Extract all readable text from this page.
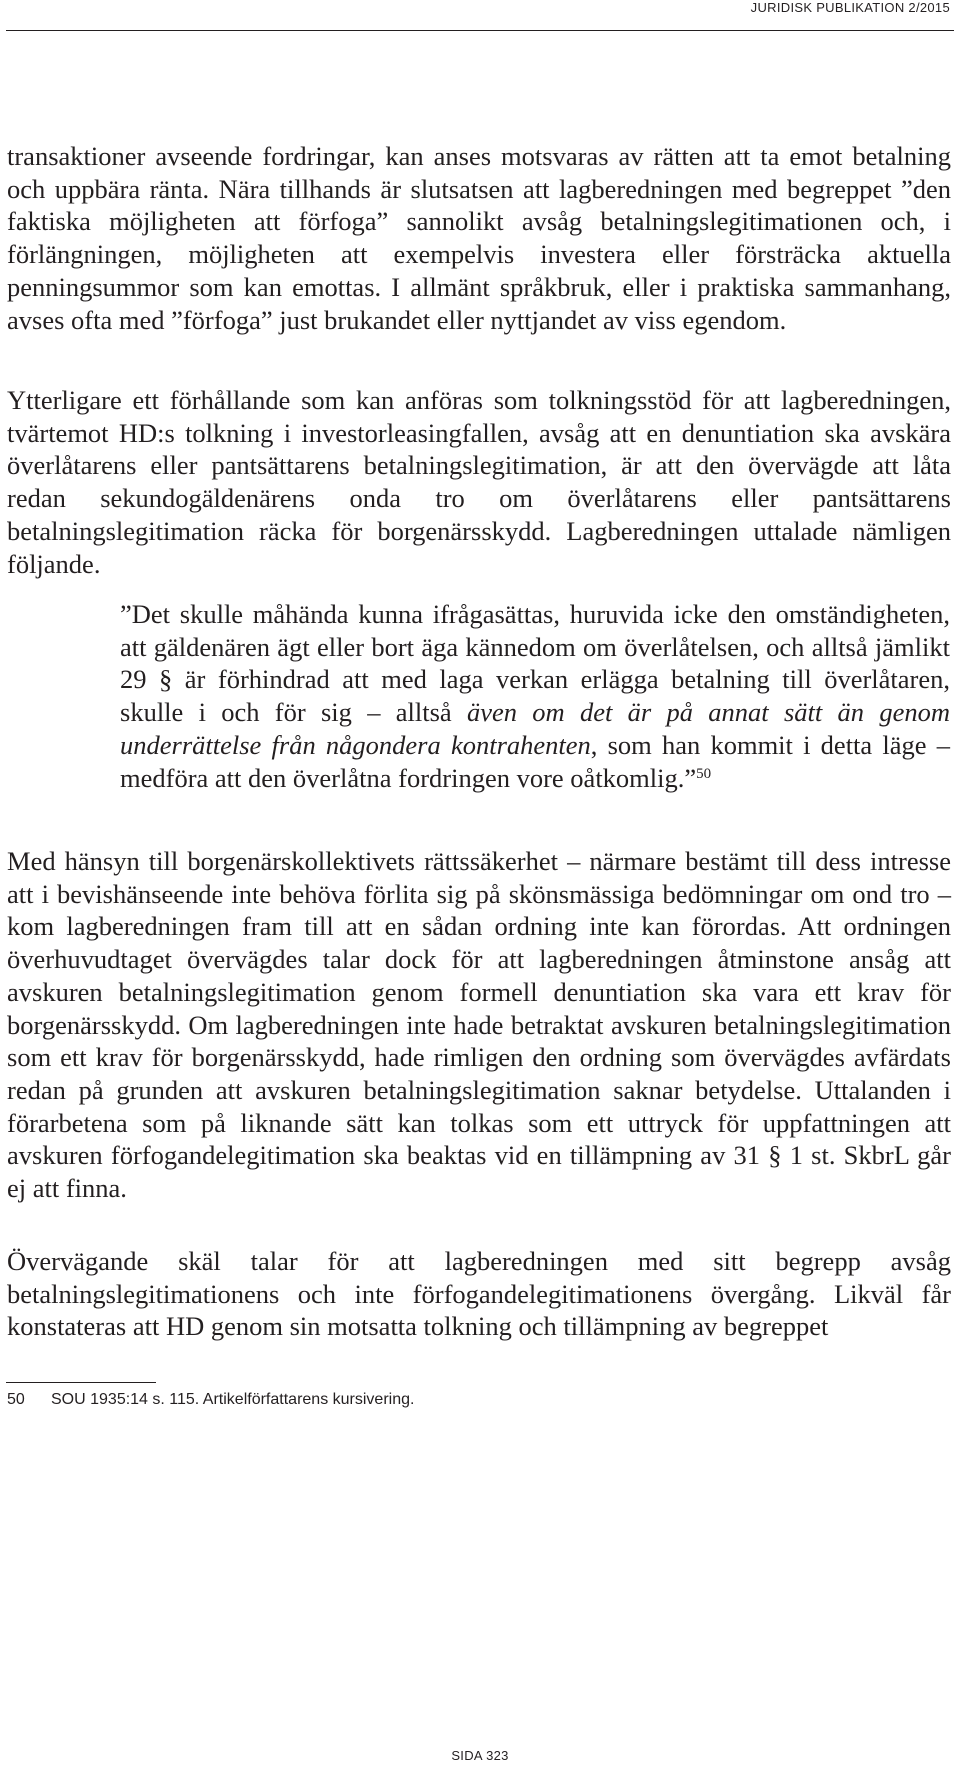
JURIDISK PUBLIKATION 2/2015

transaktioner avseende fordringar, kan anses motsvaras av rätten att ta emot betalning och uppbära ränta. Nära tillhands är slutsatsen att lagberedningen med begreppet ”den faktiska möjligheten att förfoga” sannolikt avsåg betalningslegitimationen och, i förlängningen, möjligheten att exempelvis investera eller försträcka aktuella penningsummor som kan emottas. I allmänt språkbruk, eller i praktiska sammanhang, avses ofta med ”förfoga” just brukandet eller nyttjandet av viss egendom.

Ytterligare ett förhållande som kan anföras som tolkningsstöd för att lagberedningen, tvärtemot HD:s tolkning i investorleasingfallen, avsåg att en denuntiation ska avskära överlåtarens eller pantsättarens betalningslegitimation, är att den övervägde att låta redan sekundogäldenärens onda tro om överlåtarens eller pantsättarens betalningslegitimation räcka för borgenärsskydd. Lagberedningen uttalade nämligen följande.

”Det skulle måhända kunna ifrågasättas, huruvida icke den omständigheten, att gäldenären ägt eller bort äga kännedom om överlåtelsen, och alltså jämlikt 29 § är förhindrad att med laga verkan erlägga betalning till överlåtaren, skulle i och för sig – alltså även om det är på annat sätt än genom underrättelse från någondera kontrahenten, som han kommit i detta läge – medföra att den överlåtna fordringen vore oåtkomlig.”$^{50}$

Med hänsyn till borgenärskollektivets rättssäkerhet – närmare bestämt till dess intresse att i bevishänseende inte behöva förlita sig på skönsmässiga bedömningar om ond tro – kom lagberedningen fram till att en sådan ordning inte kan förordas. Att ordningen överhuvudtaget övervägdes talar dock för att lagberedningen åtminstone ansåg att avskuren betalningslegitimation genom formell denuntiation ska vara ett krav för borgenärsskydd. Om lagberedningen inte hade betraktat avskuren betalningslegitimation som ett krav för borgenärsskydd, hade rimligen den ordning som övervägdes avfärdats redan på grunden att avskuren betalningslegitimation saknar betydelse. Uttalanden i förarbetena som på liknande sätt kan tolkas som ett uttryck för uppfattningen att avskuren förfogandelegitimation ska beaktas vid en tillämpning av 31 § 1 st. SkbrL går ej att finna.

Övervägande skäl talar för att lagberedningen med sitt begrepp avsåg betalningslegitimationens och inte förfogandelegitimationens övergång. Likväl får konstateras att HD genom sin motsatta tolkning och tillämpning av begreppet

50 SOU 1935:14 s. 115. Artikelförfattarens kursivering.
SIDA 323
